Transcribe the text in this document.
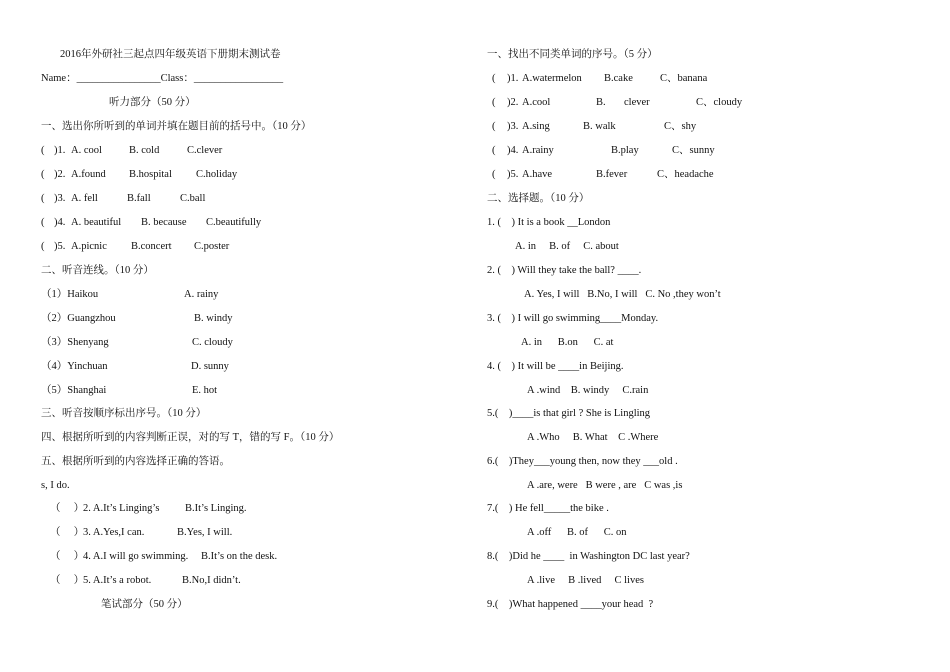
2016年外研社三起点四年级英语下册期末测试卷
Name：________________Class：_________________
听力部分（50 分）
一、选出你所听到的单词并填在题目前的括号中。（10 分）
( )1. A. cool	B. cold	C.clever
( )2. A.found B.hospital C.holiday
( )3. A. fell	B.fall	C.ball
( )4. A. beautiful B. because C.beautifully
( )5. A.picnic B.concert C.poster
二、听音连线。（10 分）
（1）Haikou	A. rainy
（2）Guangzhou	B. windy
（3）Shenyang	C. cloudy
（4）Yinchuan	D. sunny
（5）Shanghai	E. hot
三、听音按顺序标出序号。（10 分）
四、根据所听到的内容判断正误，对的写 T，错的写 F。（10 分）
五、根据所听到的内容选择正确的答语。
s, I do.
（     ）
2. A.It’s Linging’s B.It’s Linging.
（     ）
3. A.Yes,I can.	B.Yes, I will.
（     ）
4. A.I will go swimming. B.It’s on the desk.
（     ）
5. A.It’s a robot.	B.No,I didn’t.
笔试部分（50 分）
一、找出不同类单词的序号。（5 分）
( )1. A.watermelon B.cake	C、banana
( )2. A.cool	B.       clever	C、cloudy
( )3. A.sing	B. walk	C、shy
( )4. A.rainy	B.play	C、sunny
( )5. A.have	B.fever	C、headache
二、选择题。（10 分）
1. (    ) It is a book __London
A. in     B. of     C. about
2. (    ) Will they take the ball? ____.
A. Yes, I will   B.No, I will   C. No ,they won’t
3. (    ) I will go swimming____Monday.
A. in      B.on      C. at
4. (    ) It will be ____in Beijing.
A .wind    B. windy     C.rain
5.(    )____is that girl ? She is Lingling
A .Who     B. What    C .Where
6.(    )They___young then, now they ___old .
A .are, were   B were , are   C was ,is
7.(    ) He fell_____the bike .
A .off      B. of      C. on
8.(    )Did he ____  in Washington DC last year?
A .live     B .lived     C lives
9.(    )What happened ____your head  ?
